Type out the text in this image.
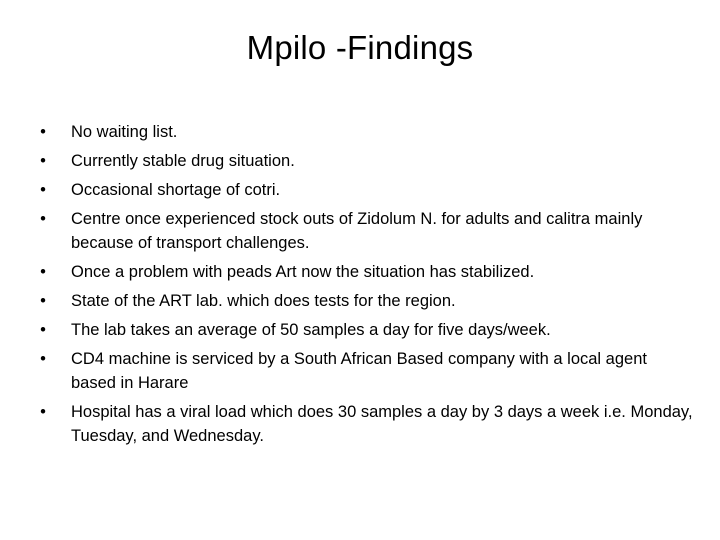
Mpilo -Findings
• No waiting list.
• Currently stable drug situation.
• Occasional shortage of cotri.
• Centre once experienced stock outs of Zidolum N. for adults and calitra mainly because of transport challenges.
• Once a problem with peads Art now the situation has stabilized.
• State of the ART lab. which does tests for the region.
• The lab takes an average of 50 samples a day for five days/week.
• CD4 machine is serviced by a South African Based company with a local agent based in Harare
• Hospital has a viral load which does 30 samples a day by 3 days a week i.e. Monday, Tuesday, and Wednesday.
